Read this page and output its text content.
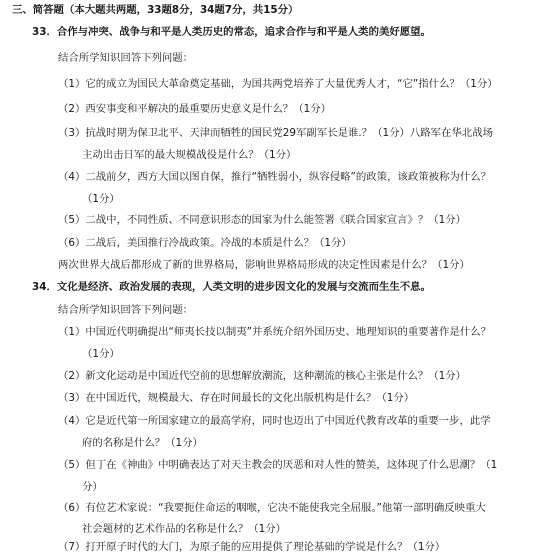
三、简答题（本大题共两题，33题8分，34题7分，共15分）
33．合作与冲突、战争与和平是人类历史的常态，追求合作与和平是人类的美好愿望。
结合所学知识回答下列问题：
（1）它的成立为国民大革命奠定基础，为国共两党培养了大量优秀人才，“它”指什么？（1分）
（2）西安事变和平解决的最重要历史意义是什么？（1分）
（3）抗战时期为保卫北平、天津而牺牲的国民党29军副军长是谁.？（1分）八路军在华北战场
主动出击日军的最大规模战役是什么？（1分）
（4）二战前夕，西方大国以图自保，推行“牺牲弱小，纵容侵略”的政策，该政策被称为什么？
（1分）
（5）二战中，不同性质、不同意识形态的国家为什么能签署《联合国家宣言》？（1分）
（6）二战后，美国推行冷战政策。冷战的本质是什么？（1分）
两次世界大战后都形成了新的世界格局，影响世界格局形成的决定性因素是什么？（1分）
34．文化是经济、政治发展的表现，人类文明的进步因文化的发展与交流而生生不息。
结合所学知识回答下列问题：
（1）中国近代明确提出“师夷长技以制夷”并系统介绍外国历史、地理知识的重要著作是什么？
（1分）
（2）新文化运动是中国近代空前的思想解放潮流，这种潮流的核心主张是什么？（1分）
（3）在中国近代，规模最大、存在时间最长的文化出版机构是什么？（1分）
（4）它是近代第一所国家建立的最高学府，同时也迈出了中国近代教育改革的重要一步，此学
府的名称是什么？（1分）
（5）但丁在《神曲》中明确表达了对天主教会的厌恶和对人性的赞美，这体现了什么思潮？（1
分）
（6）有位艺术家说：“我要扼住命运的咽喉，它决不能使我完全屈服。”他第一部明确反映重大
社会题材的艺术作品的名称是什么？（1分）
（7）打开原子时代的大门，为原子能的应用提供了理论基础的学说是什么？（1分）
